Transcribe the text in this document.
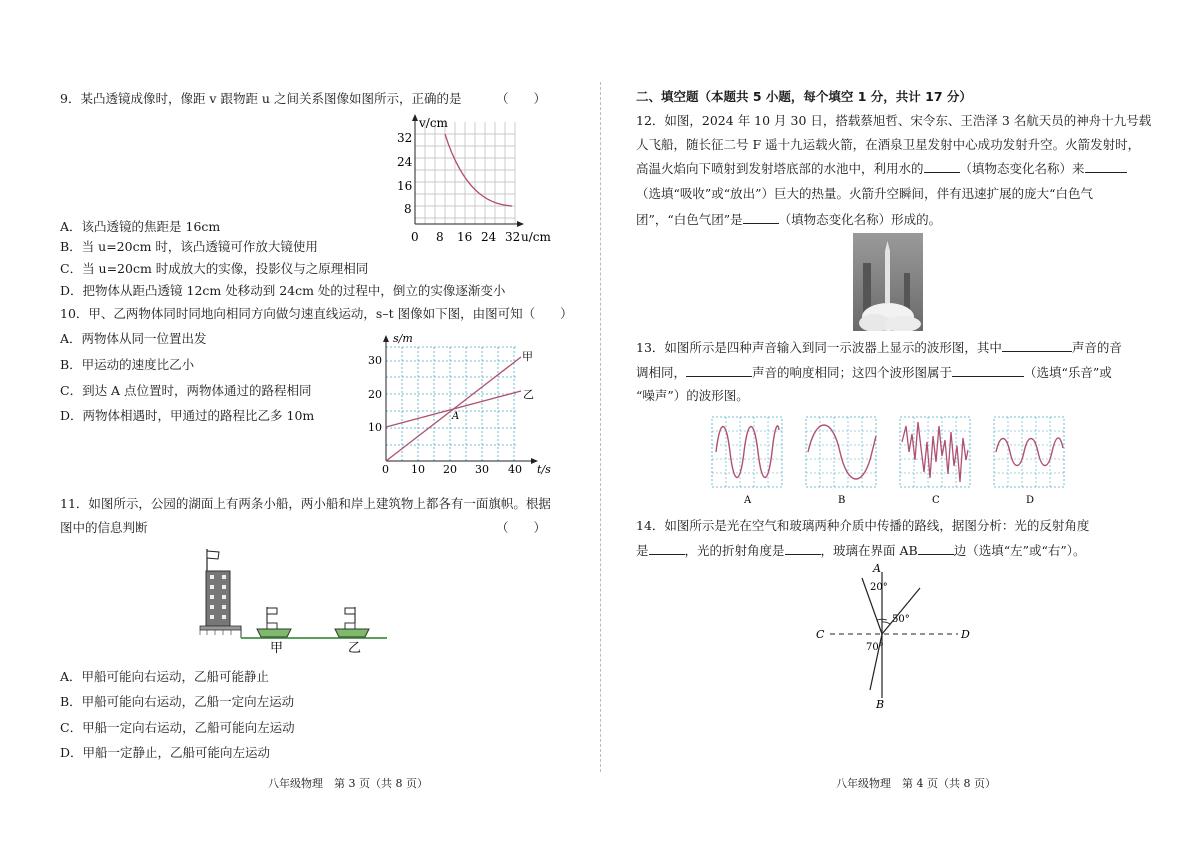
9．某凸透镜成像时，像距 v 跟物距 u 之间关系图像如图所示，正确的是	（　　）
v/cm
32
24
16
8
0 8 16 24 32 u/cm
A．该凸透镜的焦距是 16cm
B．当 u=20cm 时，该凸透镜可作放大镜使用
C．当 u=20cm 时成放大的实像，投影仪与之原理相同
D．把物体从距凸透镜 12cm 处移动到 24cm 处的过程中，倒立的实像逐渐变小
10．甲、乙两物体同时同地向相同方向做匀速直线运动，s–t 图像如下图，由图可知（　　）
A．两物体从同一位置出发
B．甲运动的速度比乙小
C．到达 A 点位置时，两物体通过的路程相同
D．两物体相遇时，甲通过的路程比乙多 10m
s/m
30
20
10
0 10 20 30 40 t/s
甲
乙
A
11．如图所示，公园的湖面上有两条小船，两小船和岸上建筑物上都各有一面旗帜。根据
图中的信息判断	（　　）
甲	乙
A．甲船可能向右运动，乙船可能静止
B．甲船可能向右运动，乙船一定向左运动
C．甲船一定向右运动，乙船可能向左运动
D．甲船一定静止，乙船可能向左运动
八年级物理　第 3 页（共 8 页）
二、填空题（本题共 5 小题，每个填空 1 分，共计 17 分）
12．如图，2024 年 10 月 30 日，搭载蔡旭哲、宋令东、王浩泽 3 名航天员的神舟十九号载
人飞船，随长征二号 F 遥十九运载火箭，在酒泉卫星发射中心成功发射升空。火箭发射时，
高温火焰向下喷射到发射塔底部的水池中，利用水的	（填物态变化名称）来
（选填“吸收”或“放出”）巨大的热量。火箭升空瞬间，伴有迅速扩展的庞大“白色气
团”，“白色气团”是	（填物态变化名称）形成的。
13．如图所示是四种声音输入到同一示波器上显示的波形图，其中	声音的音
调相同，	声音的响度相同；这四个波形图属于	（选填“乐音”或
“噪声”）的波形图。
A	B	C	D
14．如图所示是光在空气和玻璃两种介质中传播的路线，据图分析：光的反射角度
是	，光的折射角度是	，玻璃在界面 AB	边（选填“左”或“右”）。
A
B
C	D
20°
50°
70°
八年级物理　第 4 页（共 8 页）
